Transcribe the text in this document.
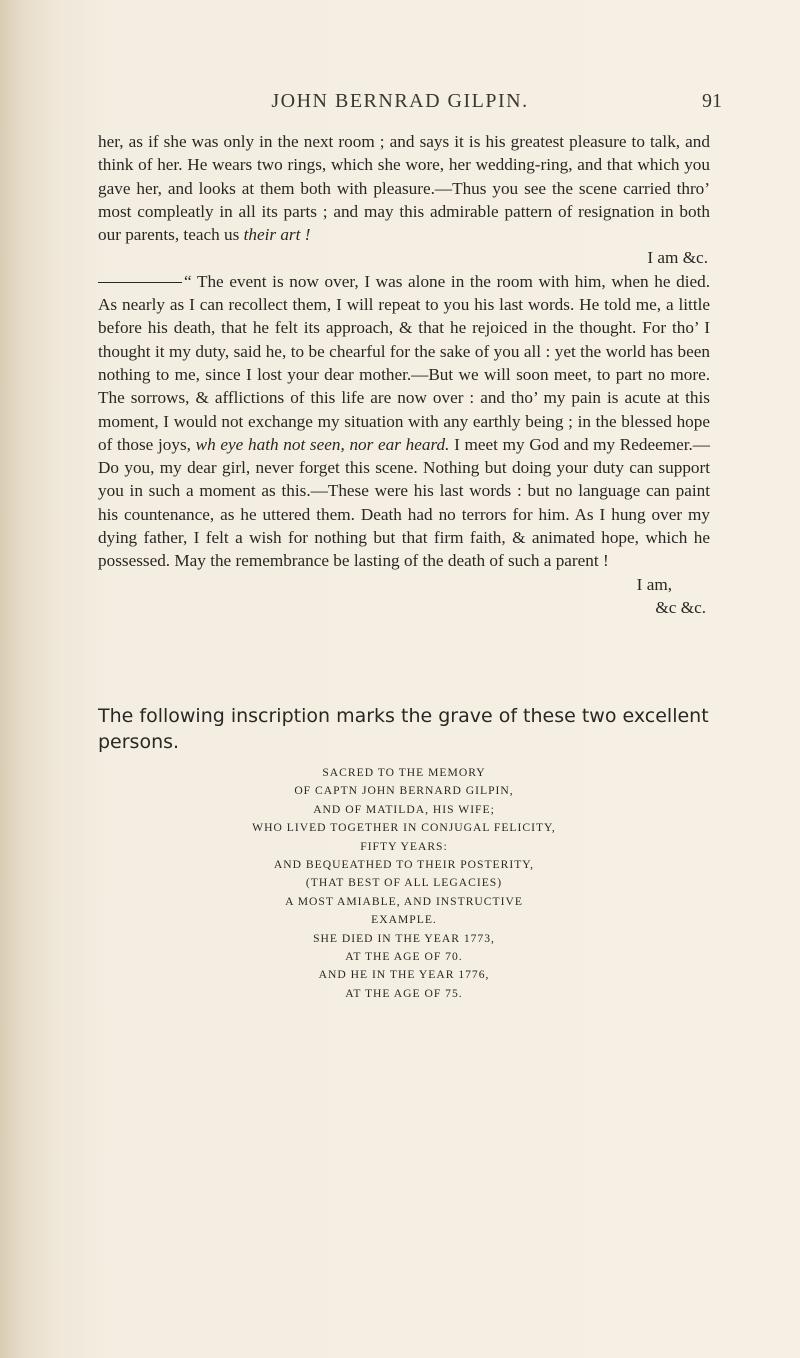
JOHN BERNRAD GILPIN.	91

her, as if she was only in the next room ; and says it is his greatest pleasure to talk, and think of her. He wears two rings, which she wore, her wedding-ring, and that which you gave her, and looks at them both with pleasure.—Thus you see the scene carried thro’ most compleatly in all its parts ; and may this admirable pattern of resignation in both our parents, teach us their art !

I am &c.

“ The event is now over, I was alone in the room with him, when he died. As nearly as I can recollect them, I will repeat to you his last words. He told me, a little before his death, that he felt its approach, & that he rejoiced in the thought. For tho’ I thought it my duty, said he, to be chearful for the sake of you all : yet the world has been nothing to me, since I lost your dear mother.—But we will soon meet, to part no more. The sorrows, & afflictions of this life are now over : and tho’ my pain is acute at this moment, I would not exchange my situation with any earthly being ; in the blessed hope of those joys, wh eye hath not seen, nor ear heard. I meet my God and my Redeemer.—Do you, my dear girl, never forget this scene. Nothing but doing your duty can support you in such a moment as this.—These were his last words : but no language can paint his countenance, as he uttered them. Death had no terrors for him. As I hung over my dying father, I felt a wish for nothing but that firm faith, & animated hope, which he possessed. May the remembrance be lasting of the death of such a parent !

I am,

&c &c.

The following inscription marks the grave of these two excellent persons.
SACRED TO THE MEMORY
OF CAPTN JOHN BERNARD GILPIN,
AND OF MATILDA, HIS WIFE;
WHO LIVED TOGETHER IN CONJUGAL FELICITY,
FIFTY YEARS:
AND BEQUEATHED TO THEIR POSTERITY,
(THAT BEST OF ALL LEGACIES)
A MOST AMIABLE, AND INSTRUCTIVE
EXAMPLE.
SHE DIED IN THE YEAR 1773,
AT THE AGE OF 70.
AND HE IN THE YEAR 1776,
AT THE AGE OF 75.
